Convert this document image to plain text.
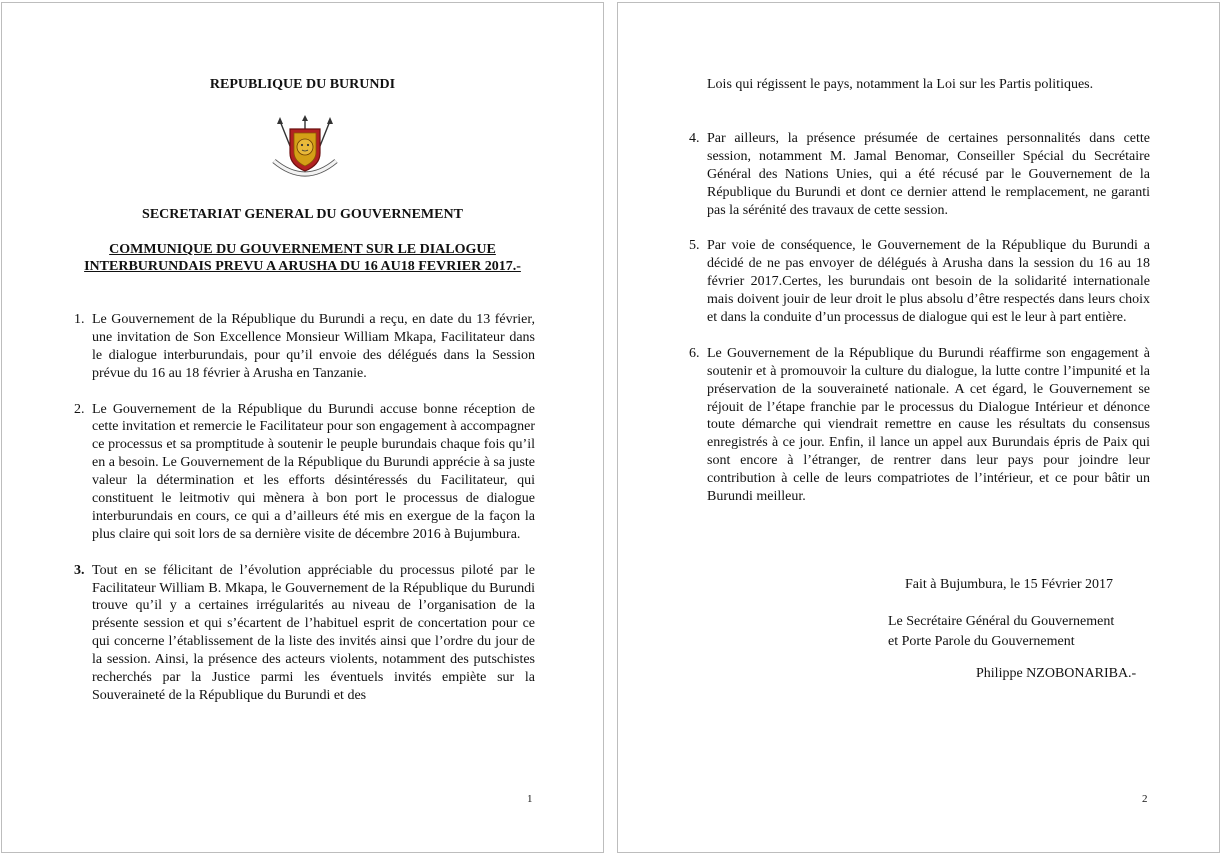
REPUBLIQUE DU BURUNDI
SECRETARIAT GENERAL DU GOUVERNEMENT
COMMUNIQUE DU GOUVERNEMENT SUR LE DIALOGUE
INTERBURUNDAIS PREVU A ARUSHA DU 16 AU18 FEVRIER 2017.-
1. Le Gouvernement de la République du Burundi a reçu, en date du 13 février, une invitation de Son Excellence Monsieur William Mkapa, Facilitateur dans le dialogue interburundais, pour qu’il envoie des délégués dans la Session prévue du 16 au 18 février à Arusha en Tanzanie.
2. Le Gouvernement de la République du Burundi accuse bonne réception de cette invitation et remercie le Facilitateur pour son engagement à accompagner ce processus et sa promptitude à soutenir le peuple burundais chaque fois qu’il en a besoin. Le Gouvernement de la République du Burundi apprécie à sa juste valeur la détermination et les efforts désintéressés du Facilitateur, qui constituent le leitmotiv qui mènera à bon port le processus de dialogue interburundais en cours, ce qui a d’ailleurs été mis en exergue de la façon la plus claire qui soit lors de sa dernière visite de décembre 2016 à Bujumbura.
3. Tout en se félicitant de l’évolution appréciable du processus piloté par le Facilitateur William B. Mkapa, le Gouvernement de la République du Burundi trouve qu’il y a certaines irrégularités au niveau de l’organisation de la présente session et qui s’écartent de l’habituel esprit de concertation pour ce qui concerne l’établissement de la liste des invités ainsi que l’ordre du jour de la session. Ainsi, la présence des acteurs violents, notamment des putschistes recherchés par la Justice parmi les éventuels invités empiète sur la Souveraineté de la République du Burundi et des
1
Lois qui régissent le pays, notamment la Loi sur les Partis politiques.
4. Par ailleurs, la présence présumée de certaines personnalités dans cette session, notamment M. Jamal Benomar, Conseiller Spécial du Secrétaire Général des Nations Unies, qui a été récusé par le Gouvernement de la République du Burundi et dont ce dernier attend le remplacement, ne garanti pas la sérénité des travaux de cette session.
5. Par voie de conséquence, le Gouvernement de la République du Burundi a décidé de ne pas envoyer de délégués à Arusha dans la session du 16 au 18 février 2017.Certes, les burundais ont besoin de la solidarité internationale mais doivent jouir de leur droit le plus absolu d’être respectés dans leurs choix et dans la conduite d’un processus de dialogue qui est le leur à part entière.
6. Le Gouvernement de la République du Burundi réaffirme son engagement à soutenir et à promouvoir la culture du dialogue, la lutte contre l’impunité et la préservation de la souveraineté nationale. A cet égard, le Gouvernement se réjouit de l’étape franchie par le processus du Dialogue Intérieur et dénonce toute démarche qui viendrait remettre en cause les résultats du consensus enregistrés à ce jour. Enfin, il lance un appel aux Burundais épris de Paix qui sont encore à l’étranger, de rentrer dans leur pays pour joindre leur contribution à celle de leurs compatriotes de l’intérieur, et ce pour bâtir un Burundi meilleur.
Fait à Bujumbura, le 15 Février 2017
Le Secrétaire Général du Gouvernement
et Porte Parole du Gouvernement
Philippe NZOBONARIBA.-
2
